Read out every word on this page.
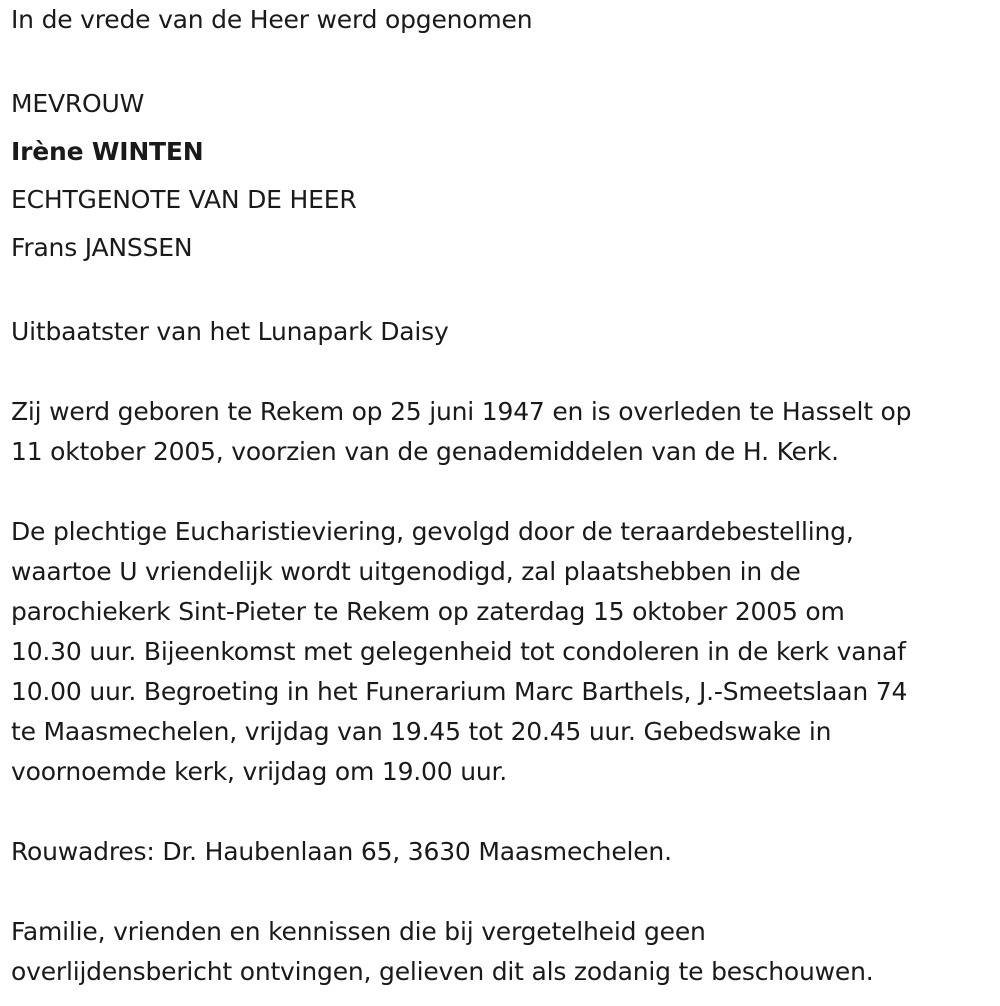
In de vrede van de Heer werd opgenomen
MEVROUW
Irène WINTEN
ECHTGENOTE VAN DE HEER
Frans JANSSEN
Uitbaatster van het Lunapark Daisy
Zij werd geboren te Rekem op 25 juni 1947 en is overleden te Hasselt op
11 oktober 2005, voorzien van de genademiddelen van de H. Kerk.
De plechtige Eucharistieviering, gevolgd door de teraardebestelling,
waartoe U vriendelijk wordt uitgenodigd, zal plaatshebben in de
parochiekerk Sint-Pieter te Rekem op zaterdag 15 oktober 2005 om
10.30 uur. Bijeenkomst met gelegenheid tot condoleren in de kerk vanaf
10.00 uur. Begroeting in het Funerarium Marc Barthels, J.-Smeetslaan 74
te Maasmechelen, vrijdag van 19.45 tot 20.45 uur. Gebedswake in
voornoemde kerk, vrijdag om 19.00 uur.
Rouwadres: Dr. Haubenlaan 65, 3630 Maasmechelen.
Familie, vrienden en kennissen die bij vergetelheid geen
overlijdensbericht ontvingen, gelieven dit als zodanig te beschouwen.
